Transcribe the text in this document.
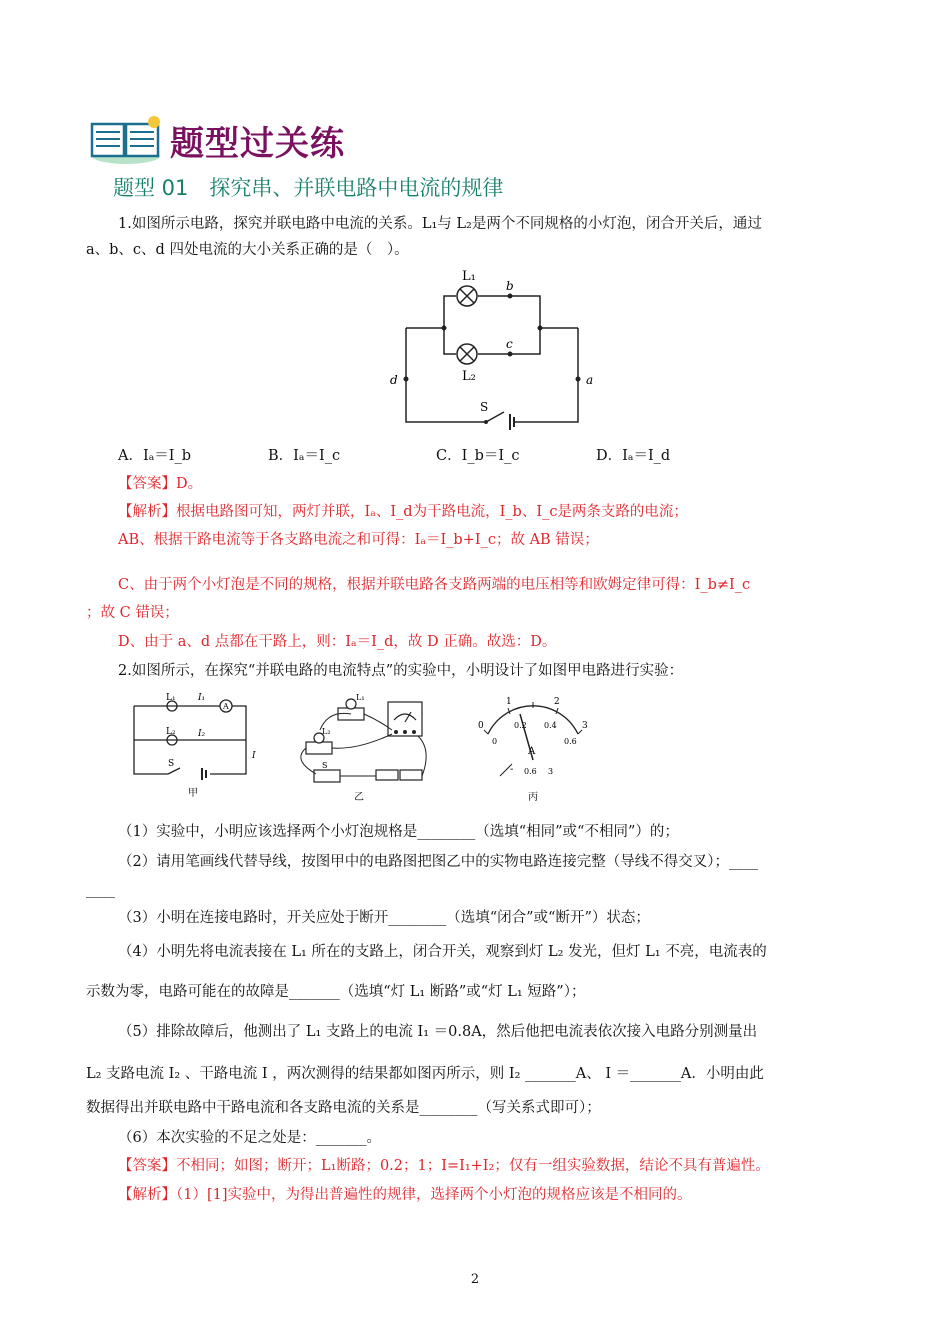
题型过关练
题型 01　探究串、并联电路中电流的规律
1.如图所示电路，探究并联电路中电流的关系。L₁与 L₂是两个不同规格的小灯泡，闭合开关后，通过
a、b、c、d 四处电流的大小关系正确的是（　）。
L₁
L₂
b
c
d	a
S
A．Iₐ＝I_b	B．Iₐ＝I_c	C．I_b＝I_c	D．Iₐ＝I_d
【答案】D。
【解析】根据电路图可知，两灯并联，Iₐ、I_d为干路电流，I_b、I_c是两条支路的电流；
AB、根据干路电流等于各支路电流之和可得：Iₐ＝I_b+I_c；故 AB 错误；
C、由于两个小灯泡是不同的规格，根据并联电路各支路两端的电压相等和欧姆定律可得：I_b≠I_c
；故 C 错误；
D、由于 a、d 点都在干路上，则：Iₐ＝I_d，故 D 正确。故选：D。
2.如图所示，在探究“并联电路的电流特点”的实验中，小明设计了如图甲电路进行实验：
L₁ I₁
A
L₂ I₂
I
S
甲
L₁
L₂
S
乙
0
1	2
3
0
0.2 0.4
0.6
A
- 0.6 3
丙
（1）实验中，小明应该选择两个小灯泡规格是________（选填“相同”或“不相同”）的；
（2）请用笔画线代替导线，按图甲中的电路图把图乙中的实物电路连接完整（导线不得交叉）；____
____
（3）小明在连接电路时，开关应处于断开________（选填“闭合”或“断开”）状态；
（4）小明先将电流表接在 L₁ 所在的支路上，闭合开关，观察到灯 L₂ 发光，但灯 L₁ 不亮，电流表的
示数为零，电路可能在的故障是_______（选填“灯 L₁ 断路”或“灯 L₁ 短路”）；
（5）排除故障后，他测出了 L₁ 支路上的电流 I₁ ＝0.8A，然后他把电流表依次接入电路分别测量出
L₂ 支路电流 I₂ 、干路电流 I ，两次测得的结果都如图丙所示，则 I₂ _______A、 I ＝_______A．小明由此
数据得出并联电路中干路电流和各支路电流的关系是________（写关系式即可）；
（6）本次实验的不足之处是：_______。
【答案】不相同；如图；断开；L₁断路；0.2；1；I=I₁+I₂；仅有一组实验数据，结论不具有普遍性。
【解析】（1）[1]实验中，为得出普遍性的规律，选择两个小灯泡的规格应该是不相同的。
2
